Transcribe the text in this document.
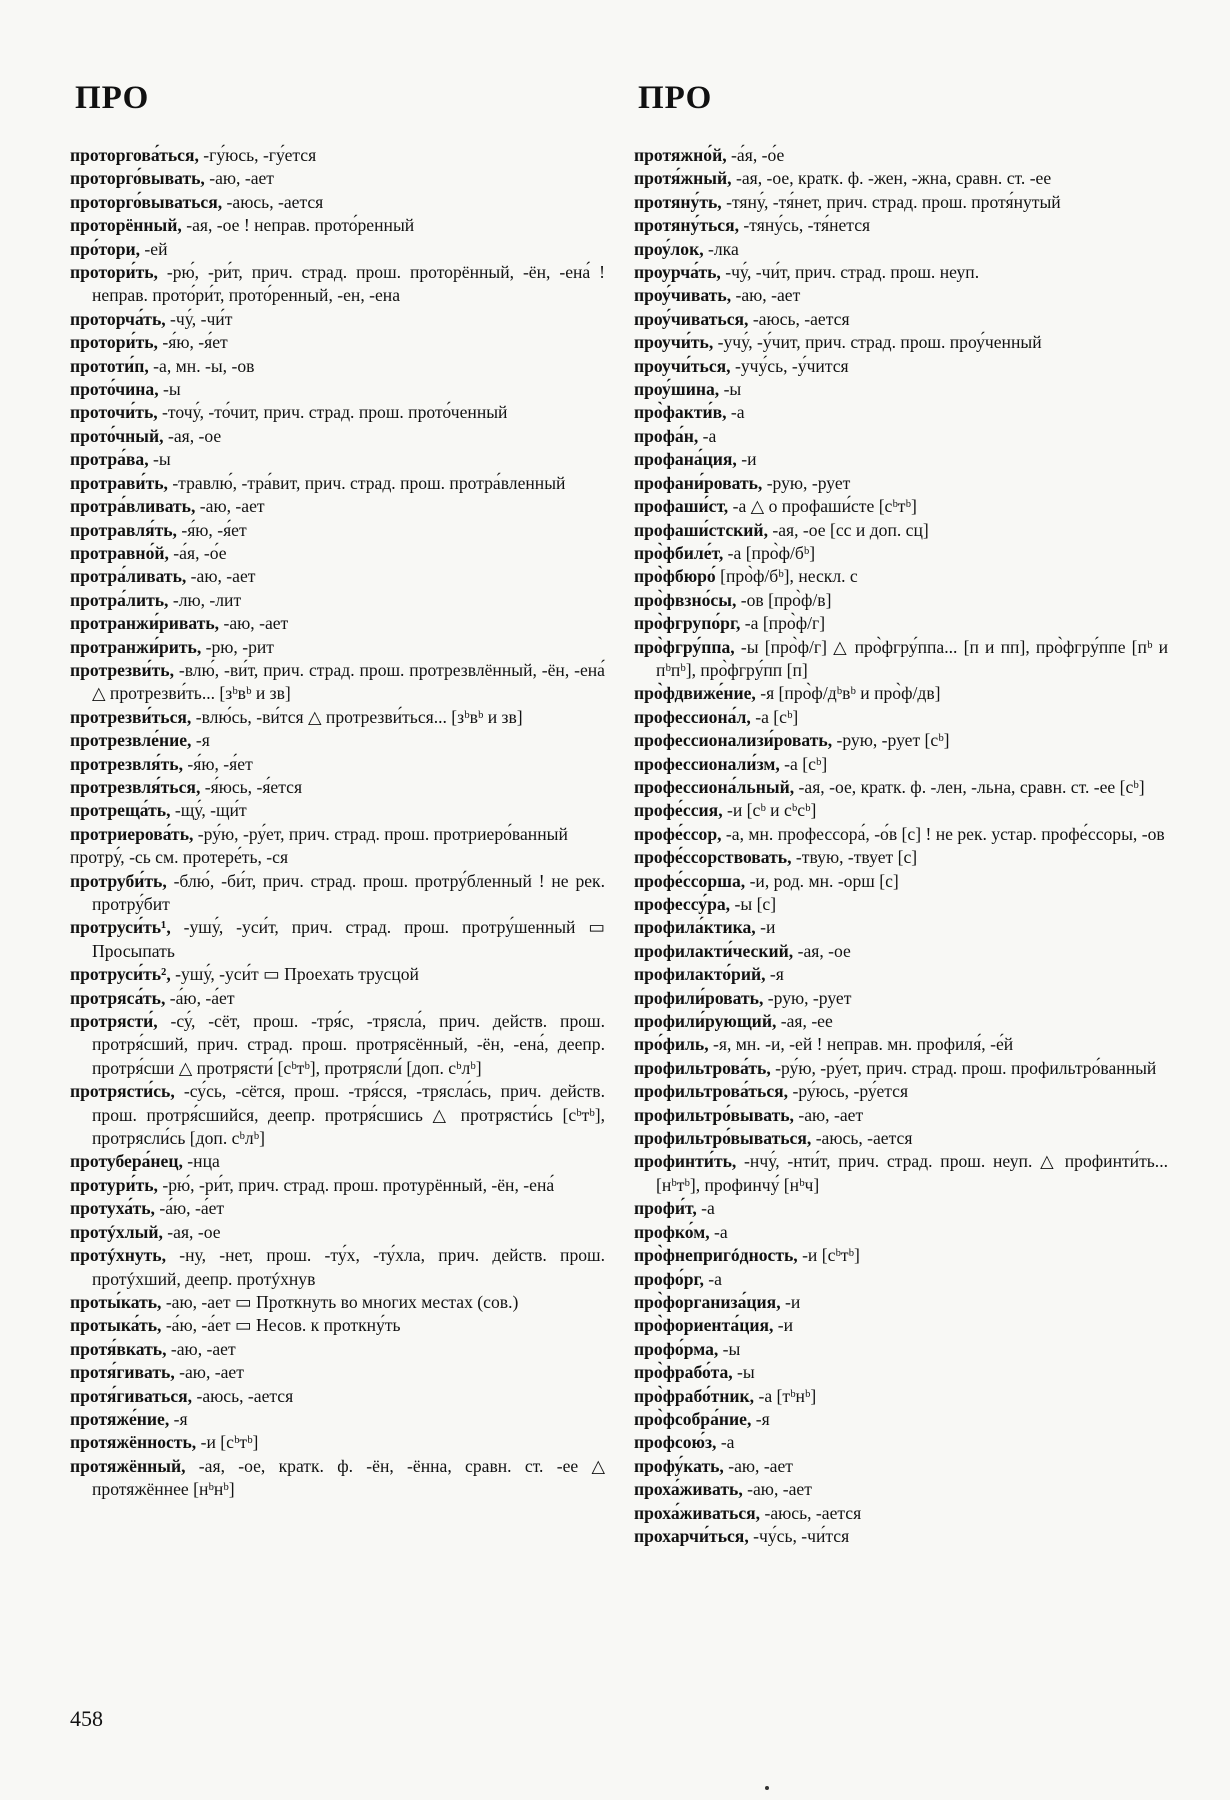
ПРО	ПРО

проторгова́ться, -гу́юсь, -гу́ется

проторго́вывать, -аю, -ает

проторго́вываться, -аюсь, -ается

проторённый, -ая, -ое ! неправ. прото́ренный

про́тори, -ей

протори́ть, -рю́, -ри́т, прич. страд. прош. проторённый, -ён, -ена́ ! неправ. прото́ри́т, прото́ренный, -ен, -ена

проторча́ть, -чу́, -чи́т

протори́ть, -я́ю, -я́ет

прототи́п, -а, мн. -ы, -ов

прото́чина, -ы

проточи́ть, -точу́, -то́чит, прич. страд. прош. прото́ченный

прото́чный, -ая, -ое

протра́ва, -ы

протрави́ть, -травлю́, -тра́вит, прич. страд. прош. протра́вленный

протра́вливать, -аю, -ает

протравля́ть, -я́ю, -я́ет

протравно́й, -а́я, -о́е

протра́ливать, -аю, -ает

протра́лить, -лю, -лит

протранжи́ривать, -аю, -ает

протранжи́рить, -рю, -рит

протрезви́ть, -влю́, -ви́т, прич. страд. прош. протрезвлённый, -ён, -ена́ △ протрезви́ть... [зᵇвᵇ и зв]

протрезви́ться, -влю́сь, -ви́тся △ протрезви́ться... [зᵇвᵇ и зв]

протрезвле́ние, -я

протрезвля́ть, -я́ю, -я́ет

протрезвля́ться, -я́юсь, -я́ется

протреща́ть, -щу́, -щи́т

протриерова́ть, -ру́ю, -ру́ет, прич. страд. прош. протриеро́ванный

протру́, -сь см. протере́ть, -ся

протруби́ть, -блю́, -би́т, прич. страд. прош. протру́бленный ! не рек. протру́бит

протруси́ть¹, -ушу́, -уси́т, прич. страд. прош. протру́шенный ▭ Просыпать

протруси́ть², -ушу́, -уси́т ▭ Проехать трусцой

протряса́ть, -а́ю, -а́ет

протрясти́, -су́, -сёт, прош. -тря́с, -трясла́, прич. действ. прош. протря́сший, прич. страд. прош. протрясённый, -ён, -ена́, деепр. протря́сши △ протрясти́ [сᵇтᵇ], протрясли́ [доп. сᵇлᵇ]

протрясти́сь, -су́сь, -сётся, прош. -тря́сся, -трясла́сь, прич. действ. прош. протря́сшийся, деепр. протря́сшись △ протрясти́сь [сᵇтᵇ], протрясли́сь [доп. сᵇлᵇ]

протубера́нец, -нца

протури́ть, -рю́, -ри́т, прич. страд. прош. протурённый, -ён, -ена́

протуха́ть, -а́ю, -а́ет

протýхлый, -ая, -ое

протýхнуть, -ну, -нет, прош. -ту́х, -ту́хла, прич. действ. прош. протýхший, деепр. протýхнув

проты́кать, -аю, -ает ▭ Проткнуть во многих местах (сов.)

протыка́ть, -а́ю, -а́ет ▭ Несов. к проткну́ть

протя́вкать, -аю, -ает

протя́гивать, -аю, -ает

протя́гиваться, -аюсь, -ается

протяже́ние, -я

протяжённость, -и [сᵇтᵇ]

протяжённый, -ая, -ое, кратк. ф. -ён, -ённа, сравн. ст. -ее △ протяжённее [нᵇнᵇ]

протяжно́й, -а́я, -о́е

протя́жный, -ая, -ое, кратк. ф. -жен, -жна, сравн. ст. -ее

протяну́ть, -тяну́, -тя́нет, прич. страд. прош. протя́нутый

протяну́ться, -тяну́сь, -тя́нется

проу́лок, -лка

проурча́ть, -чу́, -чи́т, прич. страд. прош. неуп.

проу́чивать, -аю, -ает

проу́чиваться, -аюсь, -ается

проучи́ть, -учу́, -у́чит, прич. страд. прош. проу́ченный

проучи́ться, -учу́сь, -у́чится

проу́шина, -ы

про̀факти́в, -а

профа́н, -а

профана́ция, -и

профани́ровать, -рую, -рует

профаши́ст, -а △ о профаши́сте [сᵇтᵇ]

профаши́стский, -ая, -ое [сс и доп. сц]

про̀фбиле́т, -а [про̀ф/бᵇ]

про̀фбюро́ [про̀ф/бᵇ], нескл. с

про̀фвзно́сы, -ов [про̀ф/в]

про̀фгрупо́рг, -а [про̀ф/г]

про̀фгру́ппа, -ы [про̀ф/г] △ про̀фгру́ппа... [п и пп], про̀фгру́ппе [пᵇ и пᵇпᵇ], про̀фгру́пп [п]

про̀фдвиже́ние, -я [про̀ф/дᵇвᵇ и про̀ф/дв]

профессиона́л, -а [сᵇ]

профессионализи́ровать, -рую, -рует [сᵇ]

профессионали́зм, -а [сᵇ]

профессиона́льный, -ая, -ое, кратк. ф. -лен, -льна, сравн. ст. -ее [сᵇ]

профе́ссия, -и [сᵇ и сᵇсᵇ]

профе́ссор, -а, мн. профессора́, -о́в [с] ! не рек. устар. профе́ссоры, -ов

профе́ссорствовать, -твую, -твует [с]

профе́ссорша, -и, род. мн. -орш [с]

профессу́ра, -ы [с]

профила́ктика, -и

профилакти́ческий, -ая, -ое

профилакто́рий, -я

профили́ровать, -рую, -рует

профили́рующий, -ая, -ее

про́филь, -я, мн. -и, -ей ! неправ. мн. профиля́, -е́й

профильтрова́ть, -ру́ю, -ру́ет, прич. страд. прош. профильтро́ванный

профильтрова́ться, -ру́юсь, -ру́ется

профильтро́вывать, -аю, -ает

профильтро́вываться, -аюсь, -ается

профинти́ть, -нчу́, -нти́т, прич. страд. прош. неуп. △ профинти́ть... [нᵇтᵇ], профинчу́ [нᵇч]

профи́т, -а

профко́м, -а

про̀фнепригóдность, -и [сᵇтᵇ]

профо́рг, -а

про̀форганиза́ция, -и

про̀фориента́ция, -и

профо́рма, -ы

про̀фрабо́та, -ы

про̀фрабо́тник, -а [тᵇнᵇ]

про̀фсобра́ние, -я

профсою́з, -а

профу́кать, -аю, -ает

проха́живать, -аю, -ает

проха́живаться, -аюсь, -ается

прохарчи́ться, -чу́сь, -чи́тся

458
